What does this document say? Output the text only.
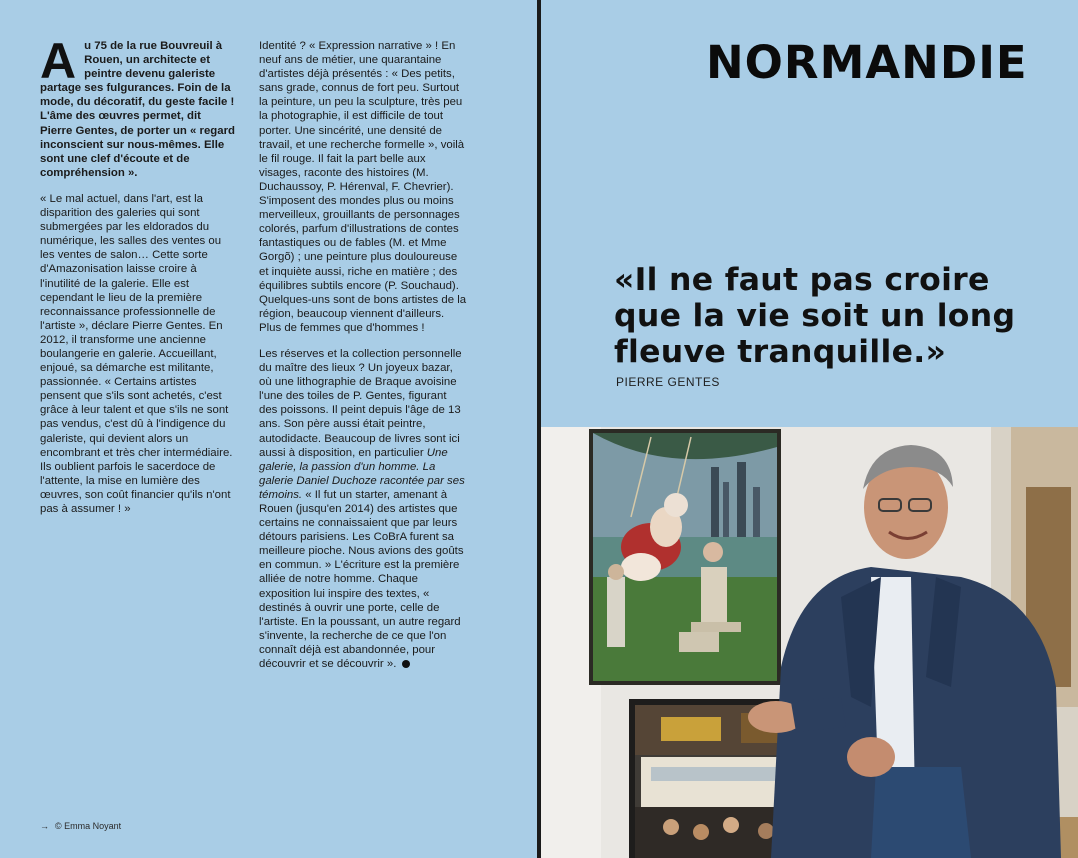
Au 75 de la rue Bouvreuil à Rouen, un architecte et peintre devenu galeriste partage ses fulgurances. Foin de la mode, du décoratif, du geste facile ! L'âme des œuvres permet, dit Pierre Gentes, de porter un « regard inconscient sur nous-mêmes. Elle sont une clef d'écoute et de compréhension ».

« Le mal actuel, dans l'art, est la disparition des galeries qui sont submergées par les eldorados du numérique, les salles des ventes ou les ventes de salon… Cette sorte d'Amazonisation laisse croire à l'inutilité de la galerie. Elle est cependant le lieu de la première reconnaissance professionnelle de l'artiste », déclare Pierre Gentes. En 2012, il transforme une ancienne boulangerie en galerie. Accueillant, enjoué, sa démarche est militante, passionnée. « Certains artistes pensent que s'ils sont achetés, c'est grâce à leur talent et que s'ils ne sont pas vendus, c'est dû à l'indigence du galeriste, qui devient alors un encombrant et très cher intermédiaire. Ils oublient parfois le sacerdoce de l'attente, la mise en lumière des œuvres, son coût financier qu'ils n'ont pas à assumer ! »

Identité ? « Expression narrative » ! En neuf ans de métier, une quarantaine d'artistes déjà présentés : « Des petits, sans grade, connus de fort peu. Surtout la peinture, un peu la sculpture, très peu la photographie, il est difficile de tout porter. Une sincérité, une densité de travail, et une recherche formelle », voilà le fil rouge. Il fait la part belle aux visages, raconte des histoires (M. Duchaussoy, P. Hérenval, F. Chevrier). S'imposent des mondes plus ou moins merveilleux, grouillants de personnages colorés, parfum d'illustrations de contes fantastiques ou de fables (M. et Mme Gorgõ) ; une peinture plus douloureuse et inquiète aussi, riche en matière ; des équilibres subtils encore (P. Souchaud). Quelques-uns sont de bons artistes de la région, beaucoup viennent d'ailleurs. Plus de femmes que d'hommes !

Les réserves et la collection personnelle du maître des lieux ? Un joyeux bazar, où une lithographie de Braque avoisine l'une des toiles de P. Gentes, figurant des poissons. Il peint depuis l'âge de 13 ans. Son père aussi était peintre, autodidacte. Beaucoup de livres sont ici aussi à disposition, en particulier Une galerie, la passion d'un homme. La galerie Daniel Duchoze racontée par ses témoins. « Il fut un starter, amenant à Rouen (jusqu'en 2014) des artistes que certains ne connaissaient que par leurs détours parisiens. Les CoBrA furent sa meilleure pioche. Nous avions des goûts en commun. » L'écriture est la première alliée de notre homme. Chaque exposition lui inspire des textes, « destinés à ouvrir une porte, celle de l'artiste. En la poussant, un autre regard s'invente, la recherche de ce que l'on connaît déjà est abandonnée, pour découvrir et se découvrir ».

→ © Emma Noyant
NORMANDIE

«Il ne faut pas croire que la vie soit un long fleuve tranquille.»

PIERRE GENTES
